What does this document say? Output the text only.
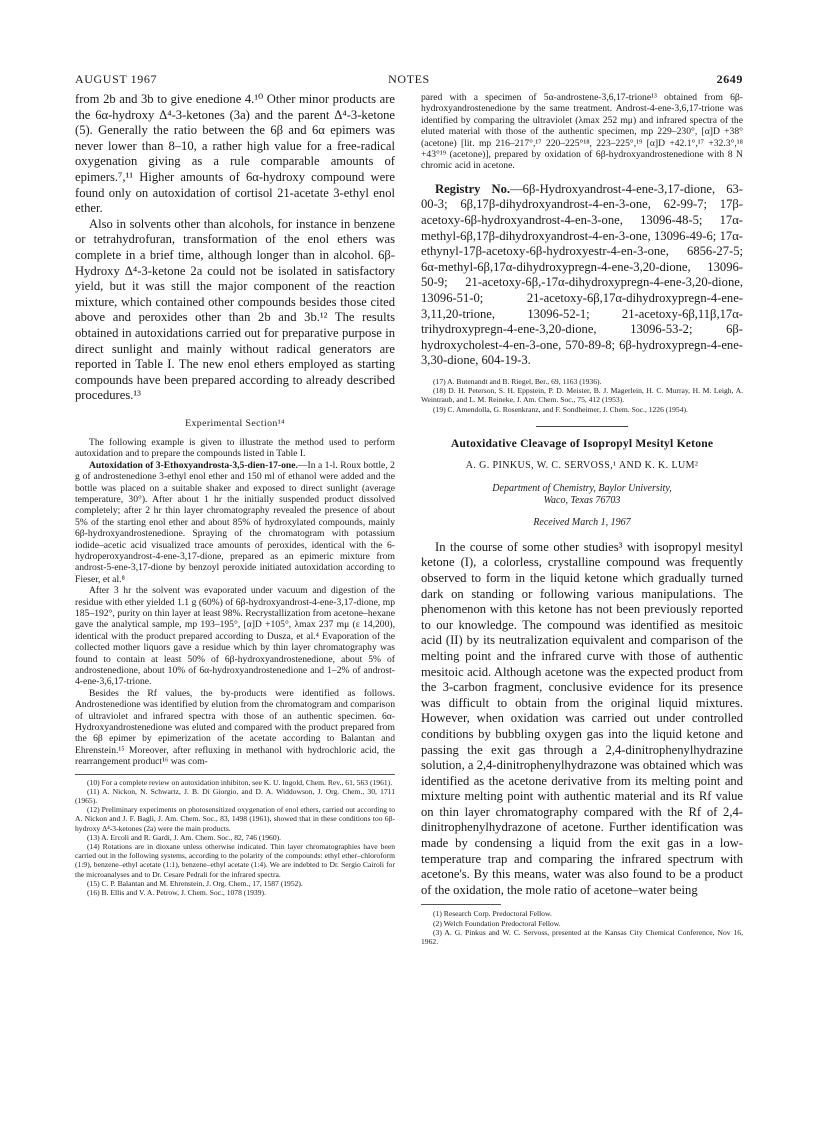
AUGUST 1967	NOTES	2649

from 2b and 3b to give enedione 4.¹⁰ Other minor products are the 6α-hydroxy Δ⁴-3-ketones (3a) and the parent Δ⁴-3-ketone (5). Generally the ratio between the 6β and 6α epimers was never lower than 8–10, a rather high value for a free-radical oxygenation giving as a rule comparable amounts of epimers.⁷,¹¹ Higher amounts of 6α-hydroxy compound were found only on autoxidation of cortisol 21-acetate 3-ethyl enol ether.

Also in solvents other than alcohols, for instance in benzene or tetrahydrofuran, transformation of the enol ethers was complete in a brief time, although longer than in alcohol. 6β-Hydroxy Δ⁴-3-ketone 2a could not be isolated in satisfactory yield, but it was still the major component of the reaction mixture, which contained other compounds besides those cited above and peroxides other than 2b and 3b.¹² The results obtained in autoxidations carried out for preparative purpose in direct sunlight and mainly without radical generators are reported in Table I. The new enol ethers employed as starting compounds have been prepared according to already described procedures.¹³

Experimental Section¹⁴

The following example is given to illustrate the method used to perform autoxidation and to prepare the compounds listed in Table I.

Autoxidation of 3-Ethoxyandrosta-3,5-dien-17-one.—In a 1-l. Roux bottle, 2 g of androstenedione 3-ethyl enol ether and 150 ml of ethanol were added and the bottle was placed on a suitable shaker and exposed to direct sunlight (average temperature, 30°). After about 1 hr the initially suspended product dissolved completely; after 2 hr thin layer chromatography revealed the presence of about 5% of the starting enol ether and about 85% of hydroxylated compounds, mainly 6β-hydroxyandrostenedione. Spraying of the chromatogram with potassium iodide–acetic acid visualized trace amounts of peroxides, identical with the 6-hydroperoxyandrost-4-ene-3,17-dione, prepared as an epimeric mixture from androst-5-ene-3,17-dione by benzoyl peroxide initiated autoxidation according to Fieser, et al.⁸

After 3 hr the solvent was evaporated under vacuum and digestion of the residue with ether yielded 1.1 g (60%) of 6β-hydroxyandrost-4-ene-3,17-dione, mp 185–192°, purity on thin layer at least 98%. Recrystallization from acetone–hexane gave the analytical sample, mp 193–195°, [α]D +105°, λmax 237 mμ (ε 14,200), identical with the product prepared according to Dusza, et al.⁴ Evaporation of the collected mother liquors gave a residue which by thin layer chromatography was found to contain at least 50% of 6β-hydroxyandrostenedione, about 5% of androstenedione, about 10% of 6α-hydroxyandrostenedione and 1–2% of androst-4-ene-3,6,17-trione.

Besides the Rf values, the by-products were identified as follows. Androstenedione was identified by elution from the chromatogram and comparison of ultraviolet and infrared spectra with those of an authentic specimen. 6α-Hydroxyandrostenedione was eluted and compared with the product prepared from the 6β epimer by epimerization of the acetate according to Balantan and Ehrenstein.¹⁵ Moreover, after refluxing in methanol with hydrochloric acid, the rearrangement product¹⁶ was com-

(10) For a complete review on autoxidation inhibiton, see K. U. Ingold, Chem. Rev., 61, 563 (1961).

(11) A. Nickon, N. Schwartz, J. B. Di Giorgio, and D. A. Widdowson, J. Org. Chem., 30, 1711 (1965).

(12) Preliminary experiments on photosensitized oxygenation of enol ethers, carried out according to A. Nickon and J. F. Bagli, J. Am. Chem. Soc., 83, 1498 (1961), showed that in these conditions too 6β-hydroxy Δ⁴-3-ketones (2a) were the main products.

(13) A. Ercoli and R. Gardi, J. Am. Chem. Soc., 82, 746 (1960).

(14) Rotations are in dioxane unless otherwise indicated. Thin layer chromatographies have been carried out in the following systems, according to the polarity of the compounds: ethyl ether–chloroform (1:9), benzene–ethyl acetate (1:1), benzene–ethyl acetate (1:4). We are indebted to Dr. Sergio Cairoli for the microanalyses and to Dr. Cesare Pedrali for the infrared spectra.

(15) C. P. Balantan and M. Ehrenstein, J. Org. Chem., 17, 1587 (1952).

(16) B. Ellis and V. A. Petrow, J. Chem. Soc., 1078 (1939).

pared with a specimen of 5α-androstene-3,6,17-trione¹³ obtained from 6β-hydroxyandrostenedione by the same treatment. Androst-4-ene-3,6,17-trione was identified by comparing the ultraviolet (λmax 252 mμ) and infrared spectra of the eluted material with those of the authentic specimen, mp 229–230°, [α]D +38° (acetone) [lit. mp 216–217°,¹⁷ 220–225°¹⁸, 223–225°,¹⁹ [α]D +42.1°,¹⁷ +32.3°,¹⁸ +43°¹⁹ (acetone)], prepared by oxidation of 6β-hydroxyandrostenedione with 8 N chromic acid in acetone.

Registry No.—6β-Hydroxyandrost-4-ene-3,17-dione, 63-00-3; 6β,17β-dihydroxyandrost-4-en-3-one, 62-99-7; 17β-acetoxy-6β-hydroxyandrost-4-en-3-one, 13096-48-5; 17α-methyl-6β,17β-dihydroxyandrost-4-en-3-one, 13096-49-6; 17α-ethynyl-17β-acetoxy-6β-hydroxyestr-4-en-3-one, 6856-27-5; 6α-methyl-6β,17α-dihydroxypregn-4-ene-3,20-dione, 13096-50-9; 21-acetoxy-6β,-17α-dihydroxypregn-4-ene-3,20-dione, 13096-51-0; 21-acetoxy-6β,17α-dihydroxypregn-4-ene-3,11,20-trione, 13096-52-1; 21-acetoxy-6β,11β,17α-trihydroxypregn-4-ene-3,20-dione, 13096-53-2; 6β-hydroxycholest-4-en-3-one, 570-89-8; 6β-hydroxypregn-4-ene-3,30-dione, 604-19-3.

(17) A. Butenandt and B. Riegel, Ber., 69, 1163 (1936).

(18) D. H. Peterson, S. H. Eppstein, P. D. Meister, B. J. Magerlein, H. C. Murray, H. M. Leigh, A. Weintraub, and L. M. Reineke, J. Am. Chem. Soc., 75, 412 (1953).

(19) C. Amendolla, G. Rosenkranz, and F. Sondheimer, J. Chem. Soc., 1226 (1954).

Autoxidative Cleavage of Isopropyl Mesityl Ketone
A. G. PINKUS, W. C. SERVOSS,¹ AND K. K. LUM²
Department of Chemistry, Baylor University,
Waco, Texas 76703
Received March 1, 1967

In the course of some other studies³ with isopropyl mesityl ketone (I), a colorless, crystalline compound was frequently observed to form in the liquid ketone which gradually turned dark on standing or following various manipulations. The phenomenon with this ketone has not been previously reported to our knowledge. The compound was identified as mesitoic acid (II) by its neutralization equivalent and comparison of the melting point and the infrared curve with those of authentic mesitoic acid. Although acetone was the expected product from the 3-carbon fragment, conclusive evidence for its presence was difficult to obtain from the original liquid mixtures. However, when oxidation was carried out under controlled conditions by bubbling oxygen gas into the liquid ketone and passing the exit gas through a 2,4-dinitrophenylhydrazine solution, a 2,4-dinitrophenylhydrazone was obtained which was identified as the acetone derivative from its melting point and mixture melting point with authentic material and its Rf value on thin layer chromatography compared with the Rf of 2,4-dinitrophenylhydrazone of acetone. Further identification was made by condensing a liquid from the exit gas in a low-temperature trap and comparing the infrared spectrum with acetone's. By this means, water was also found to be a product of the oxidation, the mole ratio of acetone–water being

(1) Research Corp. Predoctoral Fellow.

(2) Welch Foundation Predoctoral Fellow.

(3) A. G. Pinkus and W. C. Servoss, presented at the Kansas City Chemical Conference, Nov 16, 1962.
